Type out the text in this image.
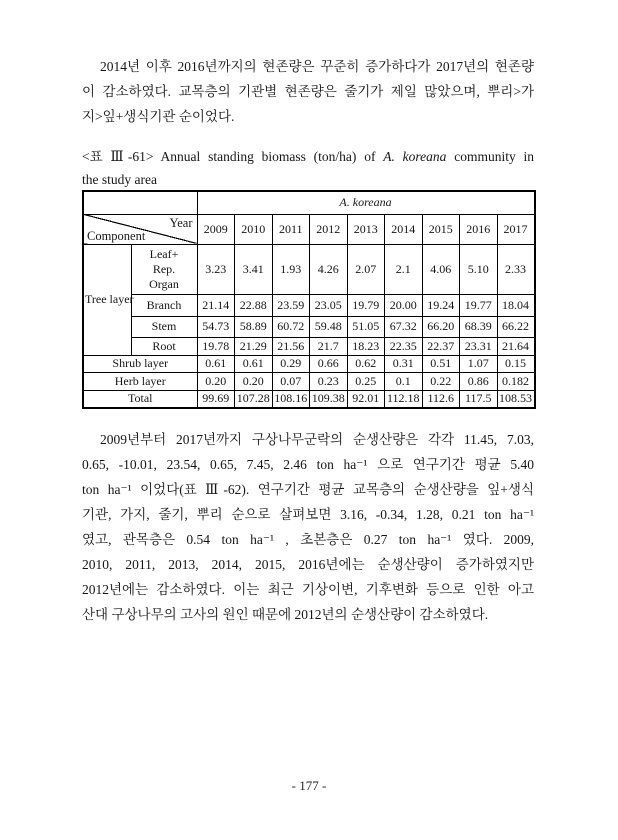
2014년 이후 2016년까지의 현존량은 꾸준히 증가하다가 2017년의 현존량
이 감소하였다. 교목층의 기관별 현존량은 줄기가 제일 많았으며, 뿌리>가
지>잎+생식기관 순이었다.
<표 Ⅲ-61> Annual standing biomass (ton/ha) of A. koreana community in
the study area
		A. koreana								

Year
Component		2009	2010	2011	2012	2013	2014	2015	2016	2017
Tree layer	Leaf+
Rep.
Organ	3.23	3.41	1.93	4.26	2.07	2.1	4.06	5.10	2.33
	Branch	21.14	22.88	23.59	23.05	19.79	20.00	19.24	19.77	18.04
	Stem	54.73	58.89	60.72	59.48	51.05	67.32	66.20	68.39	66.22
	Root	19.78	21.29	21.56	21.7	18.23	22.35	22.37	23.31	21.64
Shrub layer		0.61	0.61	0.29	0.66	0.62	0.31	0.51	1.07	0.15
Herb layer		0.20	0.20	0.07	0.23	0.25	0.1	0.22	0.86	0.182
Total		99.69	107.28	108.16	109.38	92.01	112.18	112.6	117.5	108.53
2009년부터 2017년까지 구상나무군락의 순생산량은 각각 11.45, 7.03,
0.65, -10.01, 23.54, 0.65, 7.45, 2.46 ton ha⁻¹ 으로 연구기간 평균 5.40
ton ha⁻¹ 이었다(표 Ⅲ-62). 연구기간 평균 교목층의 순생산량을 잎+생식
기관, 가지, 줄기, 뿌리 순으로 살펴보면 3.16, -0.34, 1.28, 0.21 ton ha⁻¹
였고, 관목층은 0.54 ton ha⁻¹ , 초본층은 0.27 ton ha⁻¹ 였다. 2009,
2010, 2011, 2013, 2014, 2015, 2016년에는 순생산량이 증가하였지만
2012년에는 감소하였다. 이는 최근 기상이변, 기후변화 등으로 인한 아고
산대 구상나무의 고사의 원인 때문에 2012년의 순생산량이 감소하였다.
- 177 -
